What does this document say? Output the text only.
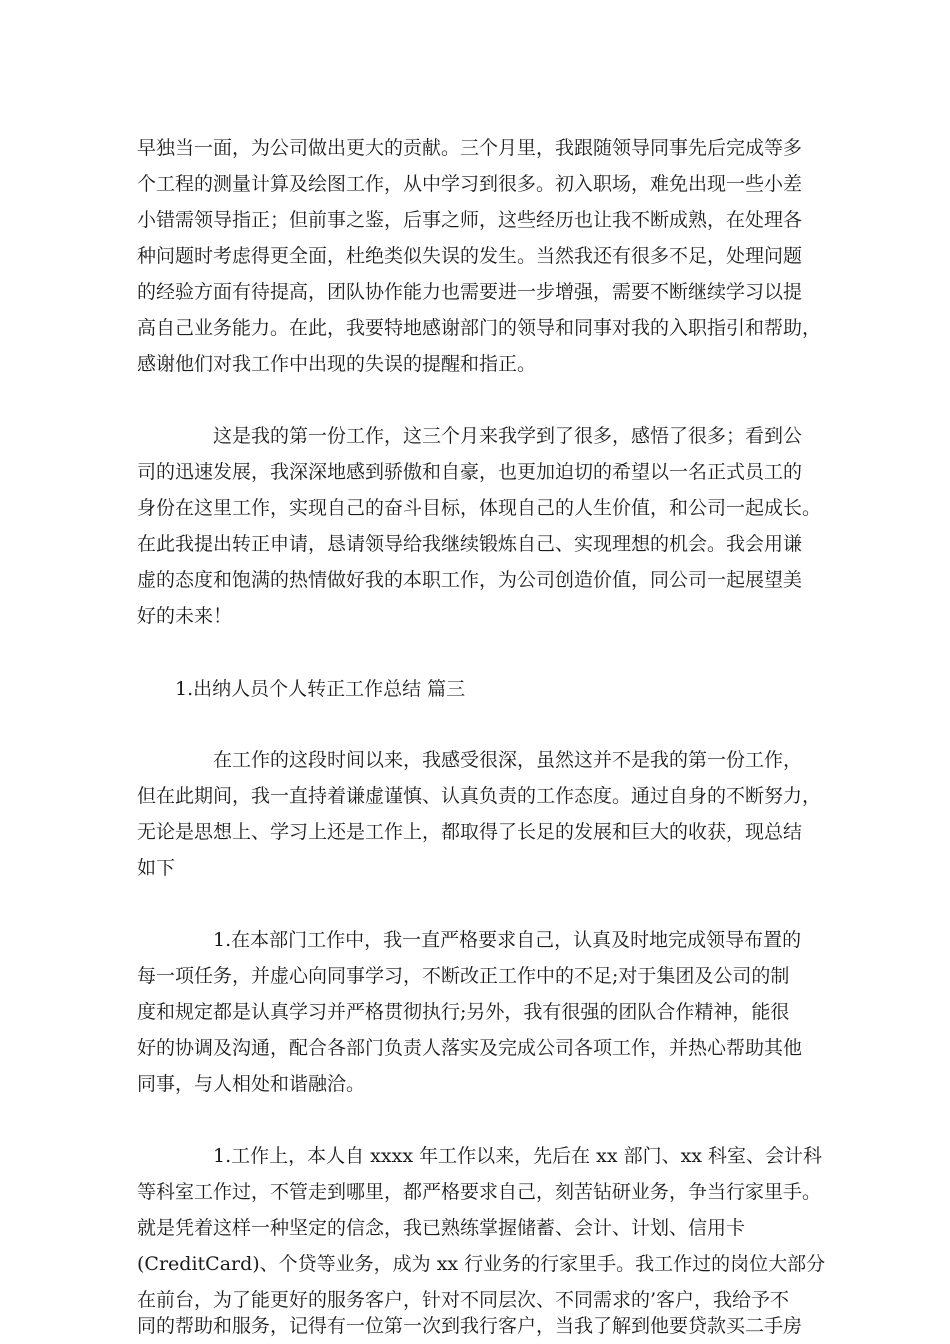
早独当一面，为公司做出更大的贡献。三个月里，我跟随领导同事先后完成等多
个工程的测量计算及绘图工作，从中学习到很多。初入职场，难免出现一些小差
小错需领导指正；但前事之鉴，后事之师，这些经历也让我不断成熟，在处理各
种问题时考虑得更全面，杜绝类似失误的发生。当然我还有很多不足，处理问题
的经验方面有待提高，团队协作能力也需要进一步增强，需要不断继续学习以提
高自己业务能力。在此，我要特地感谢部门的领导和同事对我的入职指引和帮助，
感谢他们对我工作中出现的失误的提醒和指正。
这是我的第一份工作，这三个月来我学到了很多，感悟了很多；看到公
司的迅速发展，我深深地感到骄傲和自豪，也更加迫切的希望以一名正式员工的
身份在这里工作，实现自己的奋斗目标，体现自己的人生价值，和公司一起成长。
在此我提出转正申请，恳请领导给我继续锻炼自己、实现理想的机会。我会用谦
虚的态度和饱满的热情做好我的本职工作，为公司创造价值，同公司一起展望美
好的未来！
1.出纳人员个人转正工作总结 篇三
在工作的这段时间以来，我感受很深，虽然这并不是我的第一份工作，
但在此期间，我一直持着谦虚谨慎、认真负责的工作态度。通过自身的不断努力，
无论是思想上、学习上还是工作上，都取得了长足的发展和巨大的收获，现总结
如下
1.在本部门工作中，我一直严格要求自己，认真及时地完成领导布置的
每一项任务，并虚心向同事学习，不断改正工作中的不足;对于集团及公司的制
度和规定都是认真学习并严格贯彻执行;另外，我有很强的团队合作精神，能很
好的协调及沟通，配合各部门负责人落实及完成公司各项工作，并热心帮助其他
同事，与人相处和谐融洽。
1.工作上，本人自 xxxx 年工作以来，先后在 xx 部门、xx 科室、会计科
等科室工作过，不管走到哪里，都严格要求自己，刻苦钻研业务，争当行家里手。
就是凭着这样一种坚定的信念，我已熟练掌握储蓄、会计、计划、信用卡
(CreditCard)、个贷等业务，成为 xx 行业务的行家里手。我工作过的岗位大部分
在前台，为了能更好的服务客户，针对不同层次、不同需求的’客户，我给予不
同的帮助和服务，记得有一位第一次到我行客户，当我了解到他要贷款买二手房
